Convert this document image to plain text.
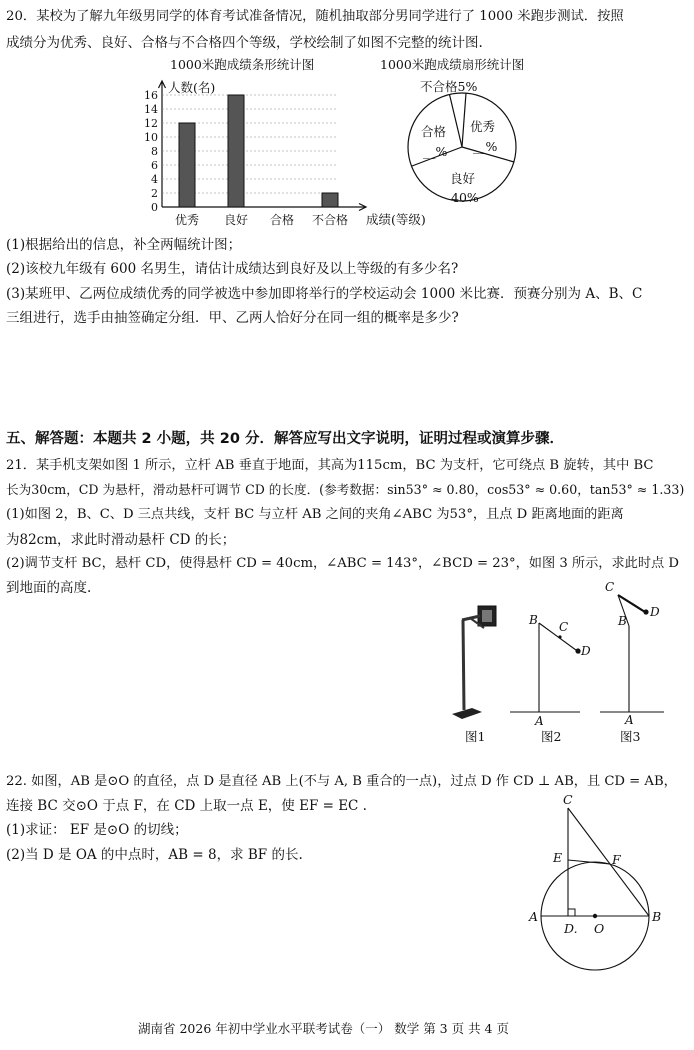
20．某校为了解九年级男同学的体育考试准备情况，随机抽取部分男同学进行了 1000 米跑步测试．按照
成绩分为优秀、良好、合格与不合格四个等级，学校绘制了如图不完整的统计图.
1000米跑成绩条形统计图	1000米跑成绩扇形统计图
0
2
4
6
8
10
12
14
16
优秀 良好 合格 不合格
人数(名)
成绩(等级)
合格
__%
优秀
__%
良好
40%
不合格5%
(1)根据给出的信息，补全两幅统计图；
(2)该校九年级有 600 名男生，请估计成绩达到良好及以上等级的有多少名?
(3)某班甲、乙两位成绩优秀的同学被选中参加即将举行的学校运动会 1000 米比赛．预赛分别为 A、B、C
三组进行，选手由抽签确定分组．甲、乙两人恰好分在同一组的概率是多少?
五、解答题：本题共 2 小题，共 20 分．解答应写出文字说明，证明过程或演算步骤．
21．某手机支架如图 1 所示，立杆 AB 垂直于地面，其高为115cm，BC 为支杆，它可绕点 B 旋转，其中 BC
长为30cm，CD 为悬杆，滑动悬杆可调节 CD 的长度．(参考数据：sin53° ≈ 0.80，cos53° ≈ 0.60，tan53° ≈ 1.33)
(1)如图 2，B、C、D 三点共线，支杆 BC 与立杆 AB 之间的夹角∠ABC 为53°，且点 D 距离地面的距离
为82cm，求此时滑动悬杆 CD 的长；
(2)调节支杆 BC，悬杆 CD，使得悬杆 CD = 40cm，∠ABC = 143°，∠BCD = 23°，如图 3 所示，求此时点 D
到地面的高度.
B C
D
A
C
D
B
A
图1	图2	图3
22. 如图，AB 是⊙O 的直径，点 D 是直径 AB 上(不与 A, B 重合的一点)，过点 D 作 CD ⊥ AB，且 CD = AB，
连接 BC 交⊙O 于点 F，在 CD 上取一点 E，使 EF = EC .
(1)求证： EF 是⊙O 的切线；
(2)当 D 是 OA 的中点时，AB = 8，求 BF 的长.
C
E	F
A
D. O
B
湖南省 2026 年初中学业水平联考试卷（一） 数学 第 3 页 共 4 页
